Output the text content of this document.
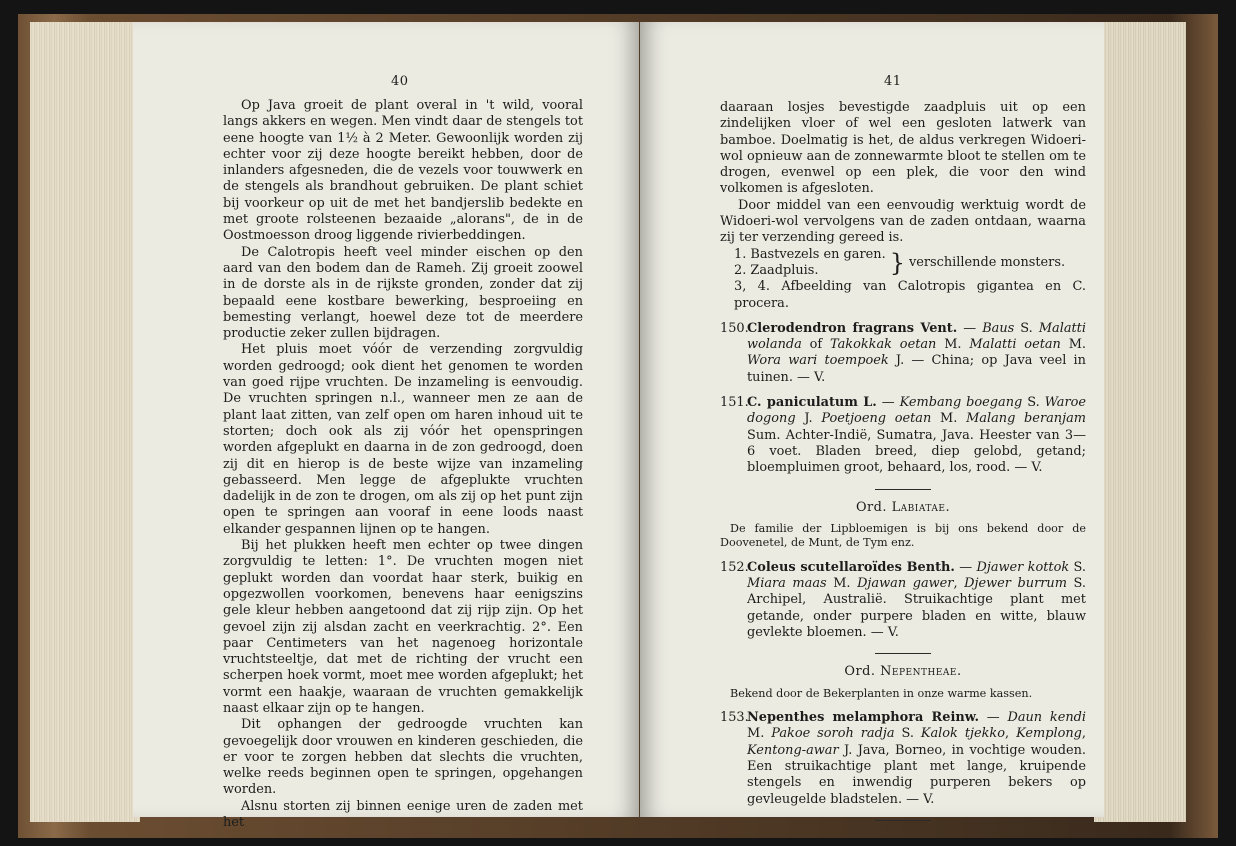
40

Op Java groeit de plant overal in 't wild, vooral langs akkers en wegen. Men vindt daar de stengels tot eene hoogte van 1½ à 2 Meter. Gewoonlijk worden zij echter voor zij deze hoogte bereikt hebben, door de inlanders afgesneden, die de vezels voor touwwerk en de stengels als brandhout gebruiken. De plant schiet bij voorkeur op uit de met het bandjerslib bedekte en met groote rolsteenen bezaaide „alorans", de in de Oostmoesson droog liggende rivierbeddingen.

De Calotropis heeft veel minder eischen op den aard van den bodem dan de Rameh. Zij groeit zoowel in de dorste als in de rijkste gronden, zonder dat zij bepaald eene kostbare bewerking, besproeiing en bemesting verlangt, hoewel deze tot de meerdere productie zeker zullen bijdragen.

Het pluis moet vóór de verzending zorgvuldig worden gedroogd; ook dient het genomen te worden van goed rijpe vruchten. De inzameling is eenvoudig. De vruchten springen n.l., wanneer men ze aan de plant laat zitten, van zelf open om haren inhoud uit te storten; doch ook als zij vóór het openspringen worden afgeplukt en daarna in de zon gedroogd, doen zij dit en hierop is de beste wijze van inzameling gebasseerd. Men legge de afgeplukte vruchten dadelijk in de zon te drogen, om als zij op het punt zijn open te springen aan vooraf in eene loods naast elkander gespannen lijnen op te hangen.

Bij het plukken heeft men echter op twee dingen zorgvuldig te letten: 1°. De vruchten mogen niet geplukt worden dan voordat haar sterk, buikig en opgezwollen voorkomen, benevens haar eenigszins gele kleur hebben aangetoond dat zij rijp zijn. Op het gevoel zijn zij alsdan zacht en veerkrachtig. 2°. Een paar Centimeters van het nagenoeg horizontale vruchtsteeltje, dat met de richting der vrucht een scherpen hoek vormt, moet mee worden afgeplukt; het vormt een haakje, waaraan de vruchten gemakkelijk naast elkaar zijn op te hangen.

Dit ophangen der gedroogde vruchten kan gevoegelijk door vrouwen en kinderen geschieden, die er voor te zorgen hebben dat slechts die vruchten, welke reeds beginnen open te springen, opgehangen worden.

Alsnu storten zij binnen eenige uren de zaden met het

41

daaraan losjes bevestigde zaadpluis uit op een zindelijken vloer of wel een gesloten latwerk van bamboe. Doelmatig is het, de aldus verkregen Widoeri-wol opnieuw aan de zonnewarmte bloot te stellen om te drogen, evenwel op een plek, die voor den wind volkomen is afgesloten.

Door middel van een eenvoudig werktuig wordt de Widoeri-wol vervolgens van de zaden ontdaan, waarna zij ter verzending gereed is.

1. Bastvezels en garen.
2. Zaadpluis.	} verschillende monsters.
3, 4. Afbeelding van Calotropis gigantea en C. procera.

150.Clerodendron fragrans Vent. — Baus S. Malatti wolanda of Takokkak oetan M. Malatti oetan M. Wora wari toempoek J. — China; op Java veel in tuinen. — V.

151.C. paniculatum L. — Kembang boegang S. Waroe dogong J. Poetjoeng oetan M. Malang beranjam Sum. Achter-Indië, Sumatra, Java. Heester van 3—6 voet. Bladen breed, diep gelobd, getand; bloempluimen groot, behaard, los, rood. — V.

Ord. Labiatae.

De familie der Lipbloemigen is bij ons bekend door de Doovenetel, de Munt, de Tym enz.

152.Coleus scutellaroïdes Benth. — Djawer kottok S. Miara maas M. Djawan gawer, Djewer burrum S. Archipel, Australië. Struikachtige plant met getande, onder purpere bladen en witte, blauw gevlekte bloemen. — V.

Ord. Nepentheae.

Bekend door de Bekerplanten in onze warme kassen.

153.Nepenthes melamphora Reinw. — Daun kendi M. Pakoe soroh radja S. Kalok tjekko, Kemplong, Kentong-awar J. Java, Borneo, in vochtige wouden. Een struikachtige plant met lange, kruipende stengels en inwendig purperen bekers op gevleugelde bladstelen. — V.
